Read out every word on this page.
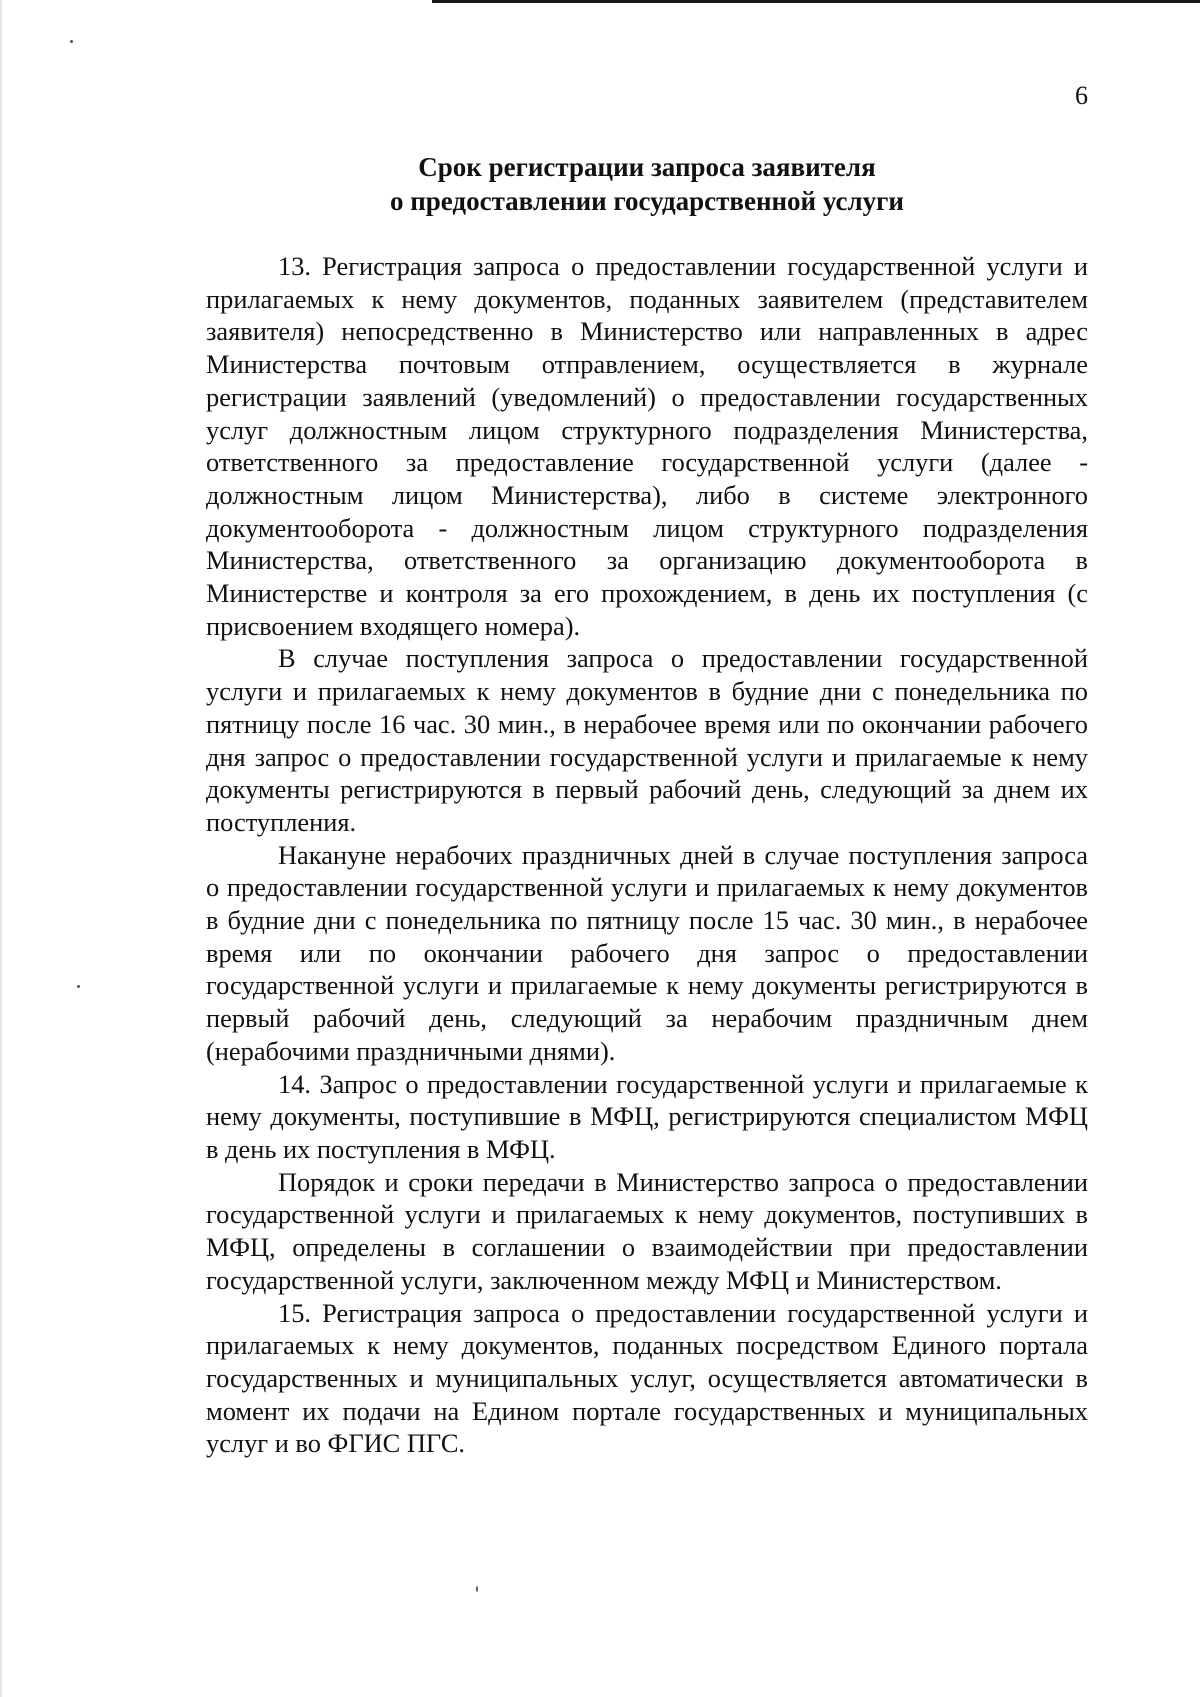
6
Срок регистрации запроса заявителя
о предоставлении государственной услуги

13. Регистрация запроса о предоставлении государственной услуги и прилагаемых к нему документов, поданных заявителем (представителем заявителя) непосредственно в Министерство или направленных в адрес Министерства почтовым отправлением, осуществляется в журнале регистрации заявлений (уведомлений) о предоставлении государственных услуг должностным лицом структурного подразделения Министерства, ответственного за предоставление государственной услуги (далее - должностным лицом Министерства), либо в системе электронного документооборота - должностным лицом структурного подразделения Министерства, ответственного за организацию документооборота в Министерстве и контроля за его прохождением, в день их поступления (с присвоением входящего номера).

В случае поступления запроса о предоставлении государственной услуги и прилагаемых к нему документов в будние дни с понедельника по пятницу после 16 час. 30 мин., в нерабочее время или по окончании рабочего дня запрос о предоставлении государственной услуги и прилагаемые к нему документы регистрируются в первый рабочий день, следующий за днем их поступления.

Накануне нерабочих праздничных дней в случае поступления запроса о предоставлении государственной услуги и прилагаемых к нему документов в будние дни с понедельника по пятницу после 15 час. 30 мин., в нерабочее время или по окончании рабочего дня запрос о предоставлении государственной услуги и прилагаемые к нему документы регистрируются в первый рабочий день, следующий за нерабочим праздничным днем (нерабочими праздничными днями).

14. Запрос о предоставлении государственной услуги и прилагаемые к нему документы, поступившие в МФЦ, регистрируются специалистом МФЦ в день их поступления в МФЦ.

Порядок и сроки передачи в Министерство запроса о предоставлении государственной услуги и прилагаемых к нему документов, поступивших в МФЦ, определены в соглашении о взаимодействии при предоставлении государственной услуги, заключенном между МФЦ и Министерством.

15. Регистрация запроса о предоставлении государственной услуги и прилагаемых к нему документов, поданных посредством Единого портала государственных и муниципальных услуг, осуществляется автоматически в момент их подачи на Едином портале государственных и муниципальных услуг и во ФГИС ПГС.
